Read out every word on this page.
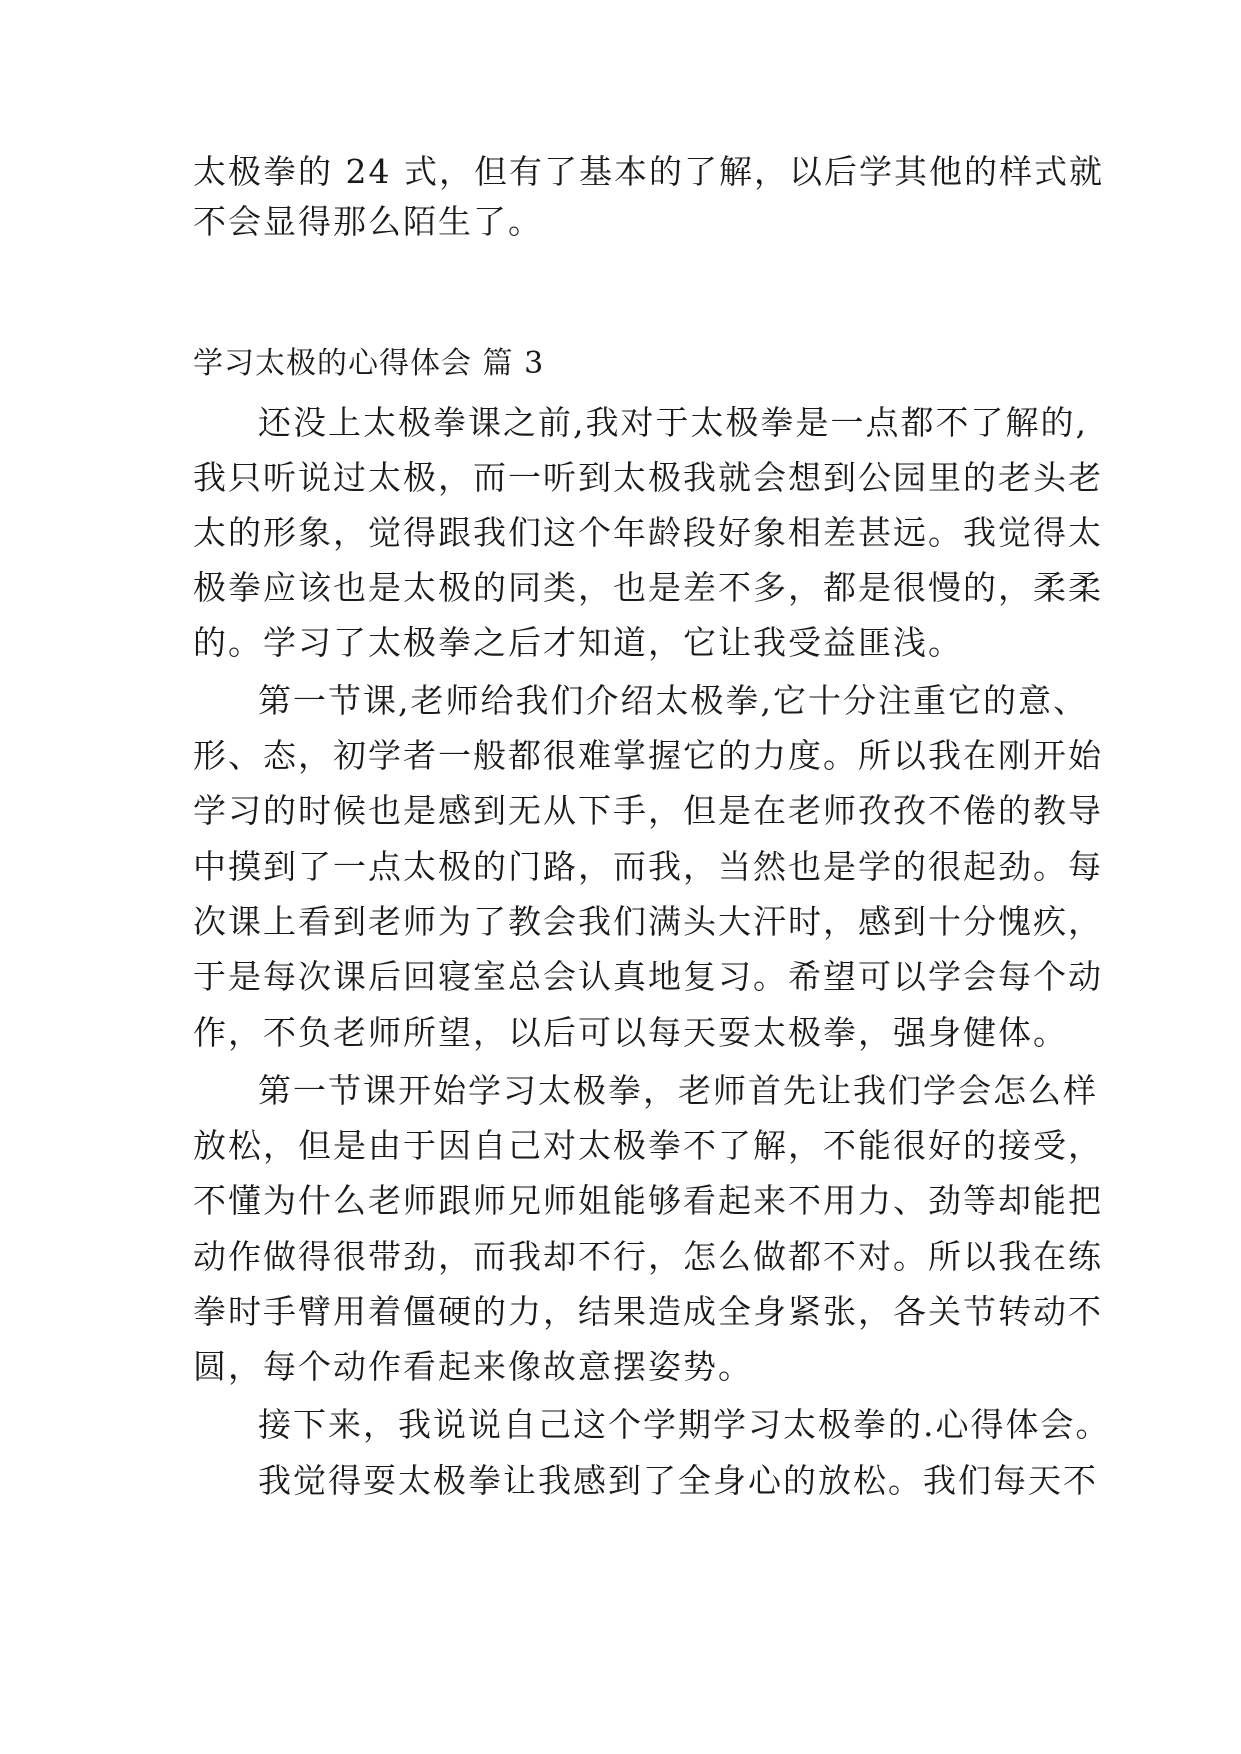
太极拳的 24 式，但有了基本的了解，以后学其他的样式就
不会显得那么陌生了。
学习太极的心得体会 篇 3
还没上太极拳课之前,我对于太极拳是一点都不了解的,
我只听说过太极，而一听到太极我就会想到公园里的老头老
太的形象，觉得跟我们这个年龄段好象相差甚远。我觉得太
极拳应该也是太极的同类，也是差不多，都是很慢的，柔柔
的。学习了太极拳之后才知道，它让我受益匪浅。
第一节课,老师给我们介绍太极拳,它十分注重它的意、
形、态，初学者一般都很难掌握它的力度。所以我在刚开始
学习的时候也是感到无从下手，但是在老师孜孜不倦的教导
中摸到了一点太极的门路，而我，当然也是学的很起劲。每
次课上看到老师为了教会我们满头大汗时，感到十分愧疚，
于是每次课后回寝室总会认真地复习。希望可以学会每个动
作，不负老师所望，以后可以每天耍太极拳，强身健体。
第一节课开始学习太极拳，老师首先让我们学会怎么样
放松，但是由于因自己对太极拳不了解，不能很好的接受，
不懂为什么老师跟师兄师姐能够看起来不用力、劲等却能把
动作做得很带劲，而我却不行，怎么做都不对。所以我在练
拳时手臂用着僵硬的力，结果造成全身紧张，各关节转动不
圆，每个动作看起来像故意摆姿势。
接下来，我说说自己这个学期学习太极拳的.心得体会。
我觉得耍太极拳让我感到了全身心的放松。我们每天不
